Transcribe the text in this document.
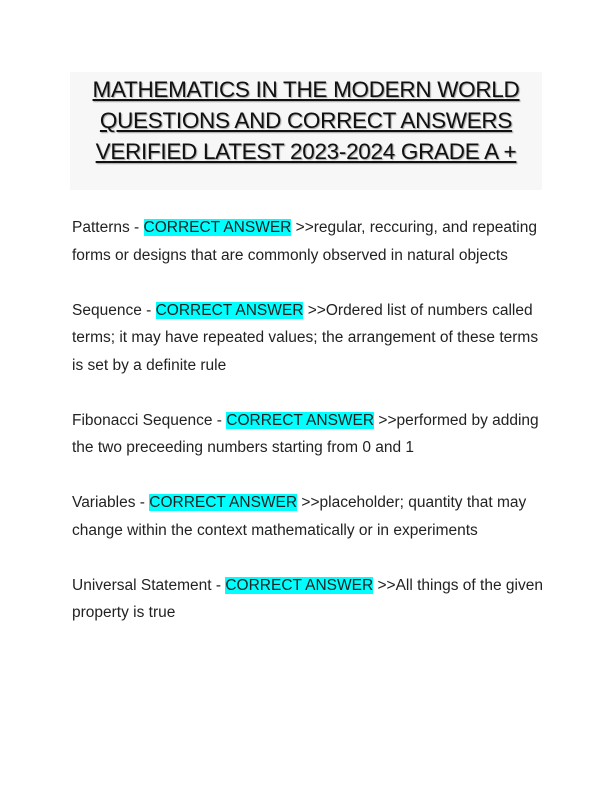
MATHEMATICS IN THE MODERN WORLD
QUESTIONS AND CORRECT ANSWERS
VERIFIED LATEST 2023-2024 GRADE A +

Patterns - CORRECT ANSWER >>regular, reccuring, and repeating forms or designs that are commonly observed in natural objects

Sequence - CORRECT ANSWER >>Ordered list of numbers called terms; it may have repeated values; the arrangement of these terms is set by a definite rule

Fibonacci Sequence - CORRECT ANSWER >>performed by adding the two preceeding numbers starting from 0 and 1

Variables - CORRECT ANSWER >>placeholder; quantity that may change within the context mathematically or in experiments

Universal Statement - CORRECT ANSWER >>All things of the given property is true
